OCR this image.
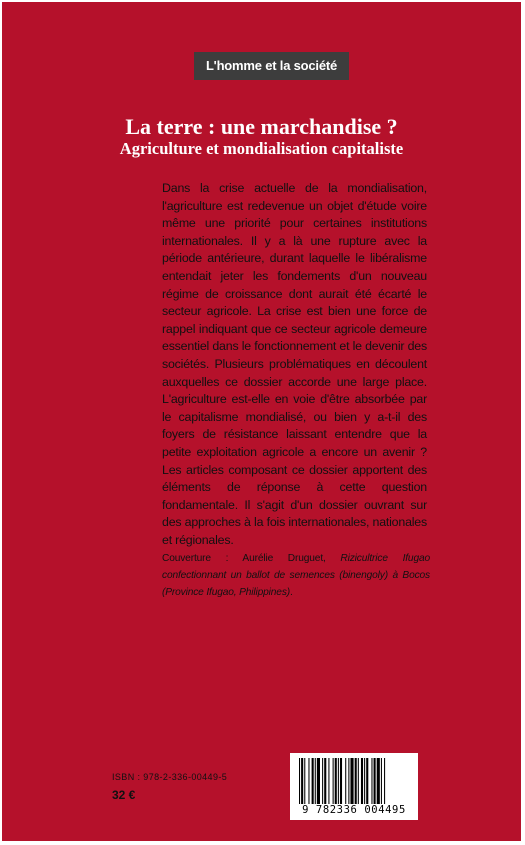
L'homme et la société
La terre : une marchandise ?
Agriculture et mondialisation capitaliste
Dans la crise actuelle de la mondialisation, l'agriculture est redevenue un objet d'étude voire même une priorité pour certaines institutions internationales. Il y a là une rupture avec la période antérieure, durant laquelle le libéralisme entendait jeter les fondements d'un nouveau régime de croissance dont aurait été écarté le secteur agricole. La crise est bien une force de rappel indiquant que ce secteur agricole demeure essentiel dans le fonctionnement et le devenir des sociétés. Plusieurs problématiques en découlent auxquelles ce dossier accorde une large place. L'agriculture est-elle en voie d'être absorbée par le capitalisme mondialisé, ou bien y a-t-il des foyers de résistance laissant entendre que la petite exploitation agricole a encore un avenir ? Les articles composant ce dossier apportent des éléments de réponse à cette question fondamentale. Il s'agit d'un dossier ouvrant sur des approches à la fois internationales, nationales et régionales.
Couverture : Aurélie Druguet, Rizicultrice Ifugao confectionnant un ballot de semences (binengoly) à Bocos (Province Ifugao, Philippines).
ISBN : 978-2-336-00449-5
32 €
9 782336 004495
